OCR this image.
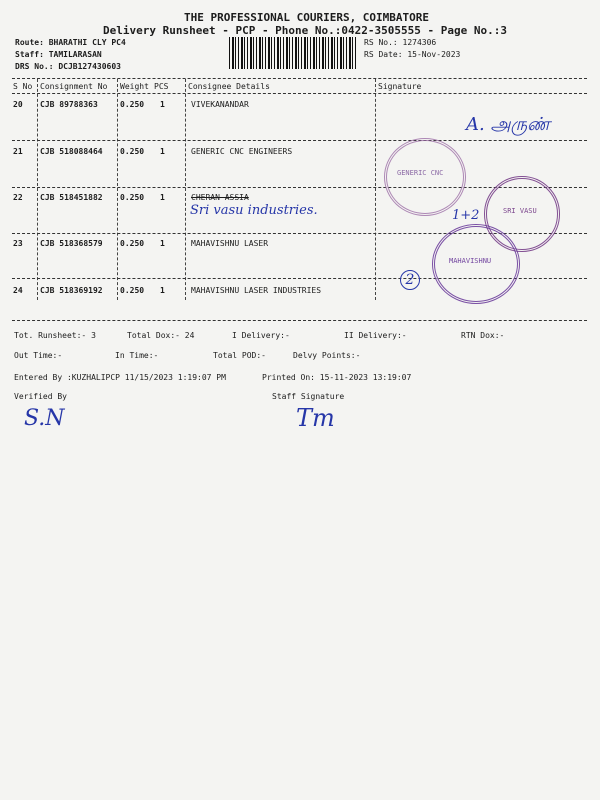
THE PROFESSIONAL COURIERS, COIMBATORE
Delivery Runsheet - PCP - Phone No.:0422-3505555 - Page No.:3
Route: BHARATHI CLY PC4
Staff: TAMILARASAN
DRS No.: DCJB127430603
RS No.: 1274306
RS Date: 15-Nov-2023
S No Consignment No Weight PCS Consignee Details	Signature
20 CJB 89788363	0.250 1	VIVEKANANDAR
A. அருண்
21 CJB 518088464 0.250 1	GENERIC CNC ENGINEERS
22 CJB 518451882 0.250 1	CHERAN ASSIA
Sri vasu industries.	1+2
23 CJB 518368579 0.250 1	MAHAVISHNU LASER
24 CJB 518369192 0.250 1	MAHAVISHNU LASER INDUSTRIES
2
GENERIC CNC
SRI VASU
MAHAVISHNU
Tot. Runsheet:- 3	Total Dox:- 24	I Delivery:-	II Delivery:-	RTN Dox:-
Out Time:-	In Time:-	Total POD:-	Delvy Points:-
Entered By :KUZHALIPCP 11/15/2023 1:19:07 PM	Printed On: 15-11-2023 13:19:07
Verified By	Staff Signature
S.N	Tm
